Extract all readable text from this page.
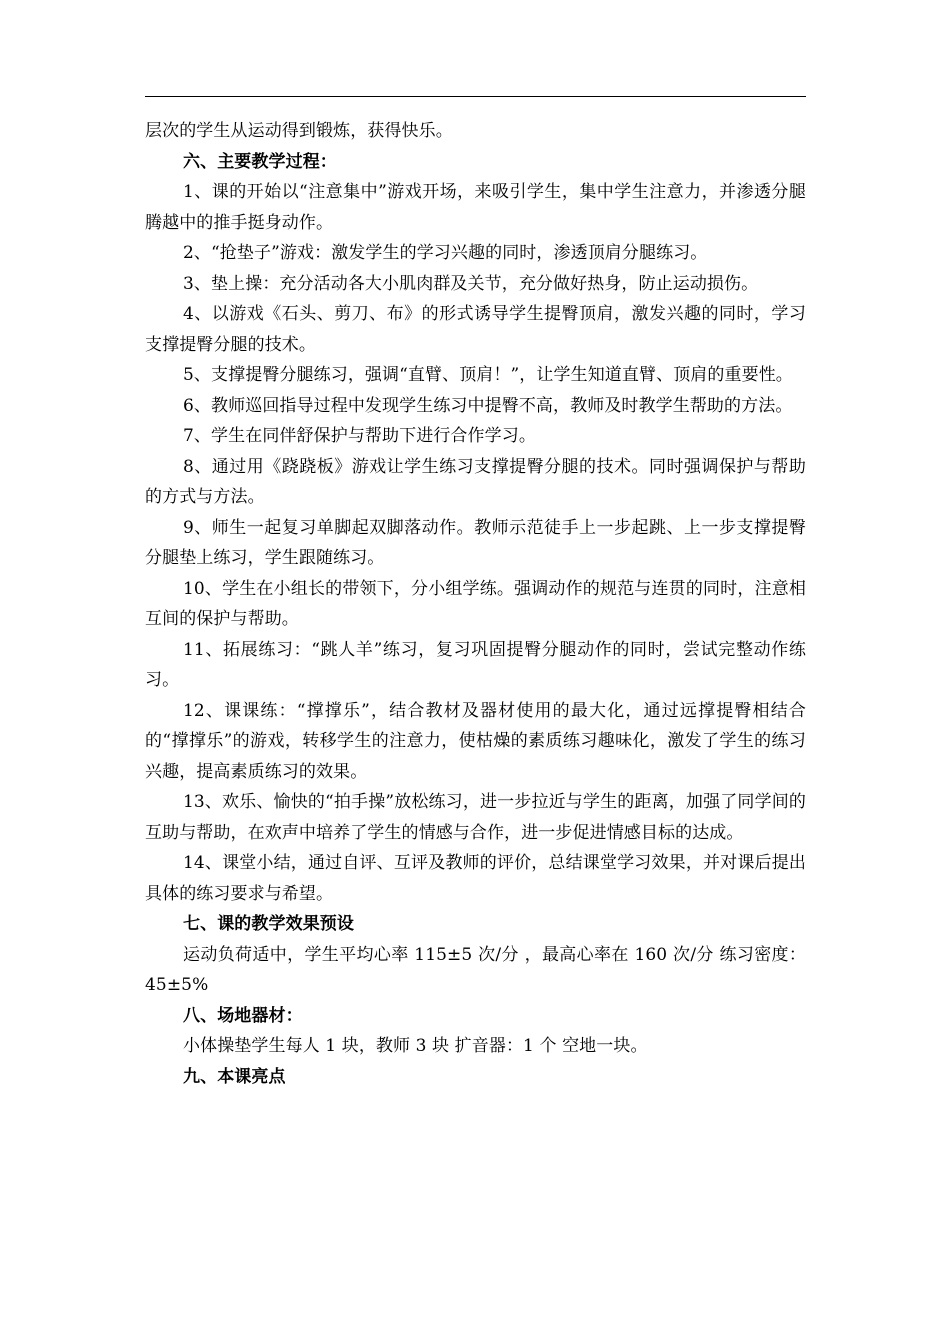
层次的学生从运动得到锻炼，获得快乐。

六、主要教学过程：

1、课的开始以“注意集中”游戏开场，来吸引学生，集中学生注意力，并渗透分腿腾越中的推手挺身动作。

2、“抢垫子”游戏：激发学生的学习兴趣的同时，渗透顶肩分腿练习。

3、垫上操：充分活动各大小肌肉群及关节，充分做好热身，防止运动损伤。

4、以游戏《石头、剪刀、布》的形式诱导学生提臀顶肩，激发兴趣的同时，学习支撑提臀分腿的技术。

5、支撑提臀分腿练习，强调“直臂、顶肩！”，让学生知道直臂、顶肩的重要性。

6、教师巡回指导过程中发现学生练习中提臀不高，教师及时教学生帮助的方法。

7、学生在同伴舒保护与帮助下进行合作学习。

8、通过用《跷跷板》游戏让学生练习支撑提臀分腿的技术。同时强调保护与帮助的方式与方法。

9、师生一起复习单脚起双脚落动作。教师示范徒手上一步起跳、上一步支撑提臀分腿垫上练习，学生跟随练习。

10、学生在小组长的带领下，分小组学练。强调动作的规范与连贯的同时，注意相互间的保护与帮助。

11、拓展练习：“跳人羊”练习，复习巩固提臀分腿动作的同时，尝试完整动作练习。

12、课课练：“撑撑乐”，结合教材及器材使用的最大化，通过远撑提臀相结合的“撑撑乐”的游戏，转移学生的注意力，使枯燥的素质练习趣味化，激发了学生的练习兴趣，提高素质练习的效果。

13、欢乐、愉快的“拍手操”放松练习，进一步拉近与学生的距离，加强了同学间的互助与帮助，在欢声中培养了学生的情感与合作，进一步促进情感目标的达成。

14、课堂小结，通过自评、互评及教师的评价，总结课堂学习效果，并对课后提出具体的练习要求与希望。

七、课的教学效果预设

运动负荷适中，学生平均心率 115±5 次/分 ，最高心率在 160 次/分 练习密度：45±5%

八、场地器材：

小体操垫学生每人 1 块，教师 3 块 扩音器：1 个 空地一块。

九、本课亮点
